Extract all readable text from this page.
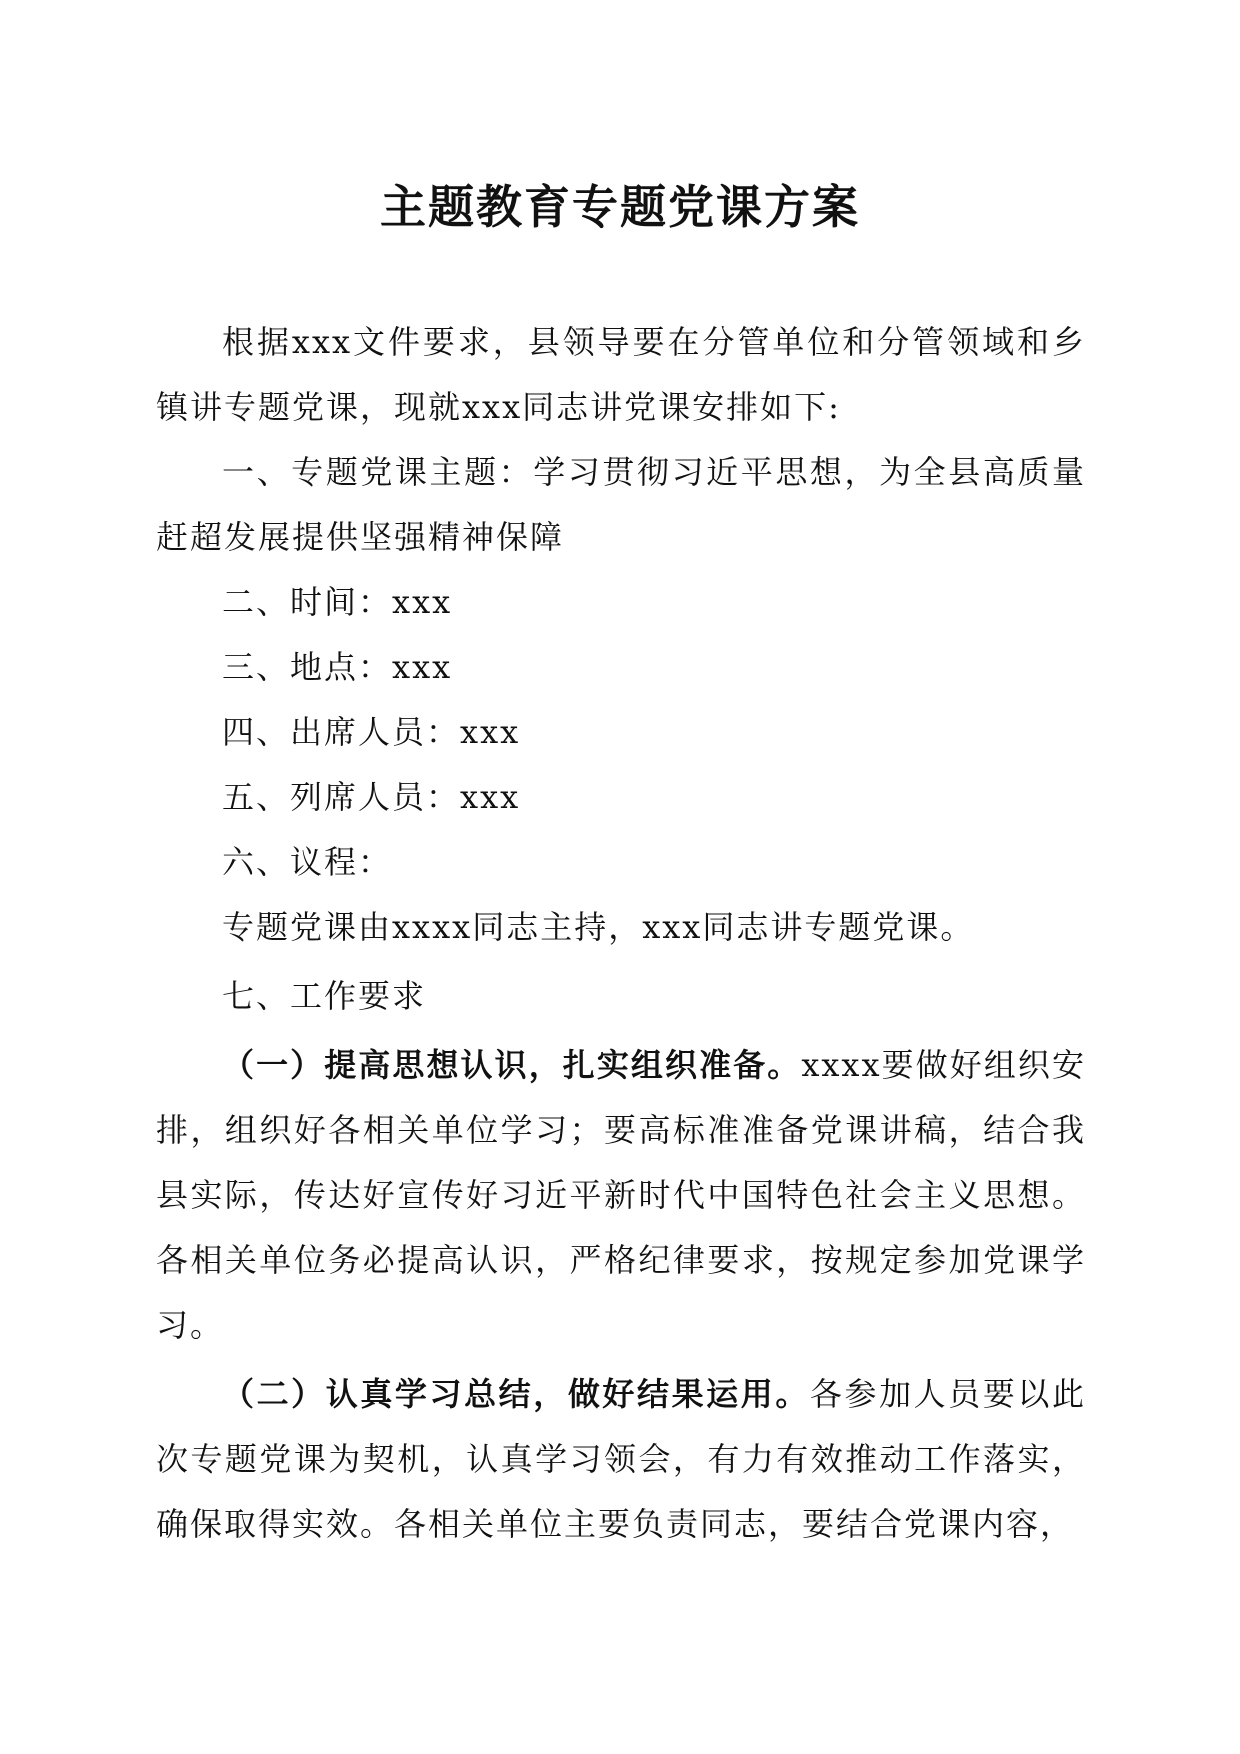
主题教育专题党课方案

根据xxx文件要求，县领导要在分管单位和分管领域和乡镇讲专题党课，现就xxx同志讲党课安排如下:

一、专题党课主题：学习贯彻习近平思想，为全县高质量赶超发展提供坚强精神保障

二、时间：xxx

三、地点：xxx

四、出席人员：xxx

五、列席人员：xxx

六、议程：

专题党课由xxxx同志主持，xxx同志讲专题党课。

七、工作要求

（一）提高思想认识，扎实组织准备。xxxx要做好组织安排，组织好各相关单位学习；要高标准准备党课讲稿，结合我县实际，传达好宣传好习近平新时代中国特色社会主义思想。各相关单位务必提高认识，严格纪律要求，按规定参加党课学习。

（二）认真学习总结，做好结果运用。各参加人员要以此次专题党课为契机，认真学习领会，有力有效推动工作落实，确保取得实效。各相关单位主要负责同志，要结合党课内容，
